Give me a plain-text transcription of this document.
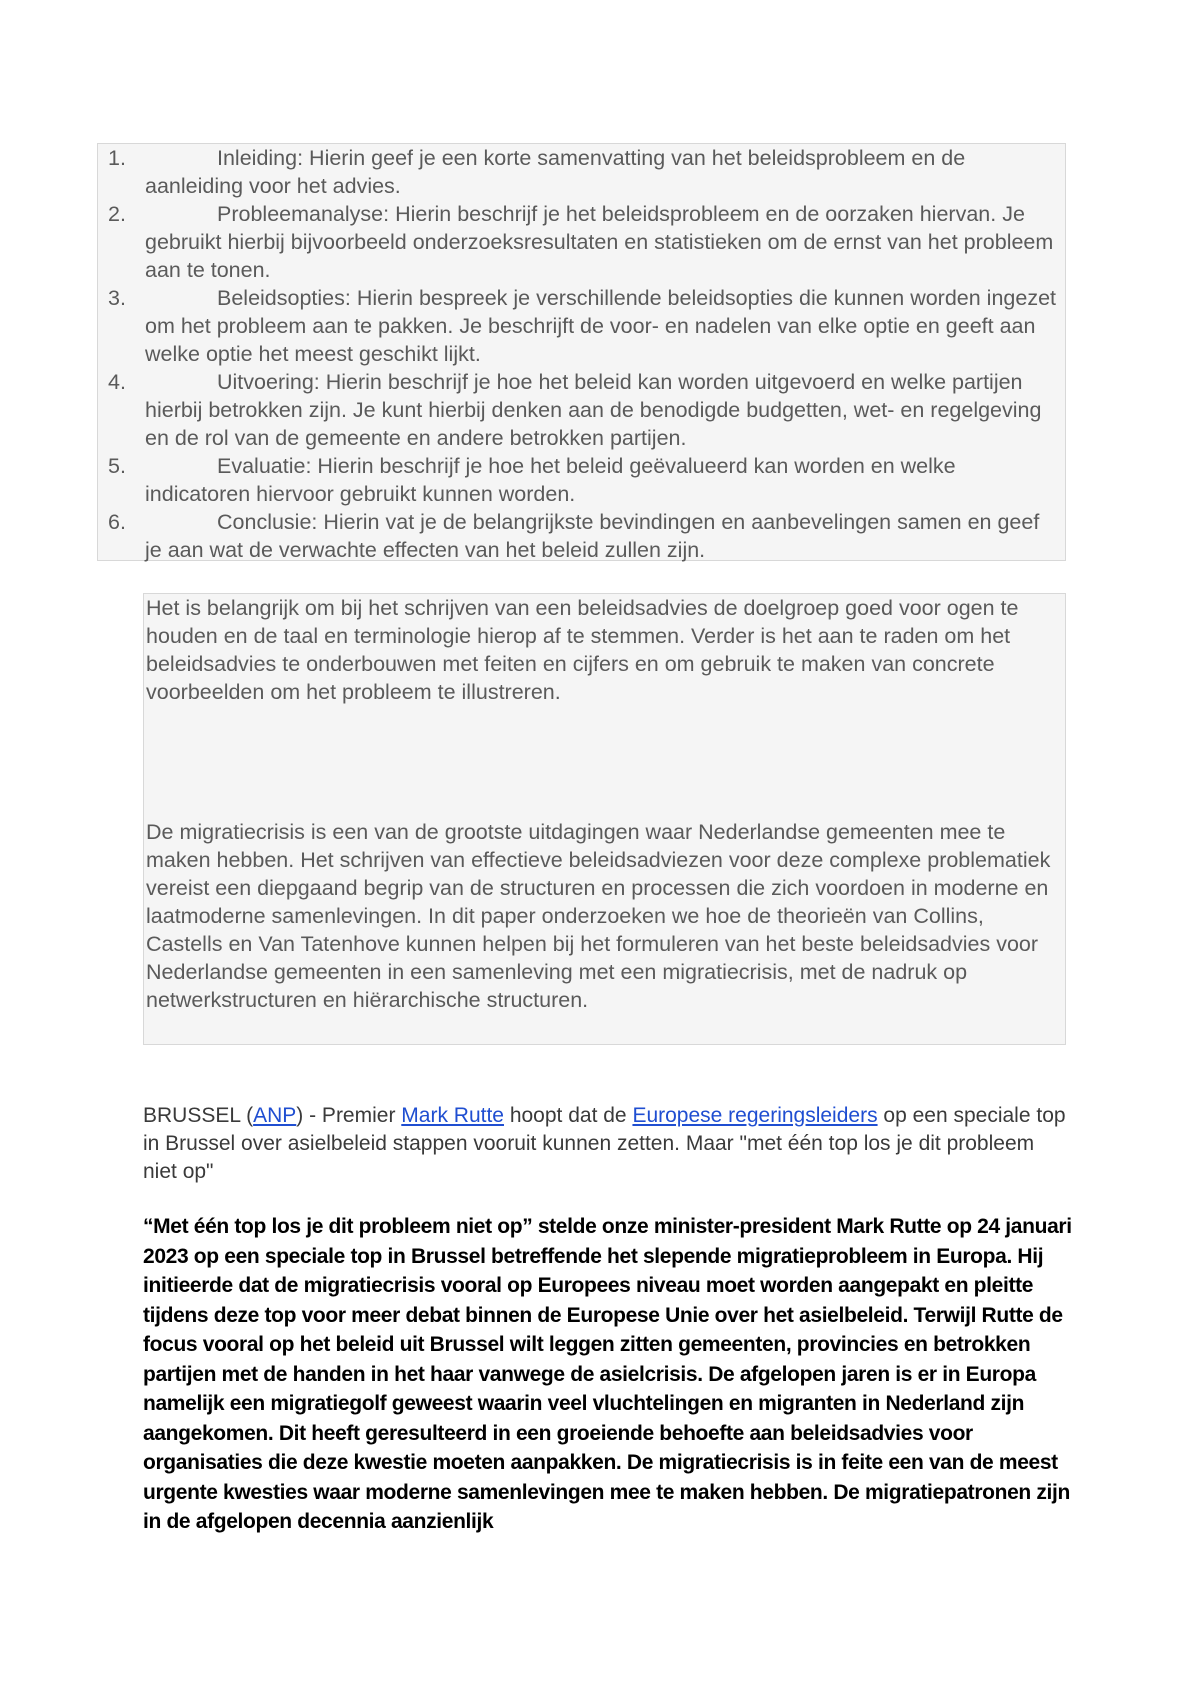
1.	Inleiding: Hierin geef je een korte samenvatting van het beleidsprobleem en de aanleiding voor het advies.
2.	Probleemanalyse: Hierin beschrijf je het beleidsprobleem en de oorzaken hiervan. Je gebruikt hierbij bijvoorbeeld onderzoeksresultaten en statistieken om de ernst van het probleem aan te tonen.
3.	Beleidsopties: Hierin bespreek je verschillende beleidsopties die kunnen worden ingezet om het probleem aan te pakken. Je beschrijft de voor- en nadelen van elke optie en geeft aan welke optie het meest geschikt lijkt.
4.	Uitvoering: Hierin beschrijf je hoe het beleid kan worden uitgevoerd en welke partijen hierbij betrokken zijn. Je kunt hierbij denken aan de benodigde budgetten, wet- en regelgeving en de rol van de gemeente en andere betrokken partijen.
5.	Evaluatie: Hierin beschrijf je hoe het beleid geëvalueerd kan worden en welke indicatoren hiervoor gebruikt kunnen worden.
6.	Conclusie: Hierin vat je de belangrijkste bevindingen en aanbevelingen samen en geef je aan wat de verwachte effecten van het beleid zullen zijn.

Het is belangrijk om bij het schrijven van een beleidsadvies de doelgroep goed voor ogen te houden en de taal en terminologie hierop af te stemmen. Verder is het aan te raden om het beleidsadvies te onderbouwen met feiten en cijfers en om gebruik te maken van concrete voorbeelden om het probleem te illustreren.

De migratiecrisis is een van de grootste uitdagingen waar Nederlandse gemeenten mee te maken hebben. Het schrijven van effectieve beleidsadviezen voor deze complexe problematiek vereist een diepgaand begrip van de structuren en processen die zich voordoen in moderne en laatmoderne samenlevingen. In dit paper onderzoeken we hoe de theorieën van Collins, Castells en Van Tatenhove kunnen helpen bij het formuleren van het beste beleidsadvies voor Nederlandse gemeenten in een samenleving met een migratiecrisis, met de nadruk op netwerkstructuren en hiërarchische structuren.

BRUSSEL (ANP) - Premier Mark Rutte hoopt dat de Europese regeringsleiders op een speciale top in Brussel over asielbeleid stappen vooruit kunnen zetten. Maar "met één top los je dit probleem niet op"

“Met één top los je dit probleem niet op” stelde onze minister-president Mark Rutte op 24 januari 2023 op een speciale top in Brussel betreffende het slepende migratieprobleem in Europa. Hij initieerde dat de migratiecrisis vooral op Europees niveau moet worden aangepakt en pleitte tijdens deze top voor meer debat binnen de Europese Unie over het asielbeleid. Terwijl Rutte de focus vooral op het beleid uit Brussel wilt leggen zitten gemeenten, provincies en betrokken partijen met de handen in het haar vanwege de asielcrisis. De afgelopen jaren is er in Europa namelijk een migratiegolf geweest waarin veel vluchtelingen en migranten in Nederland zijn aangekomen. Dit heeft geresulteerd in een groeiende behoefte aan beleidsadvies voor organisaties die deze kwestie moeten aanpakken. De migratiecrisis is in feite een van de meest urgente kwesties waar moderne samenlevingen mee te maken hebben. De migratiepatronen zijn in de afgelopen decennia aanzienlijk
